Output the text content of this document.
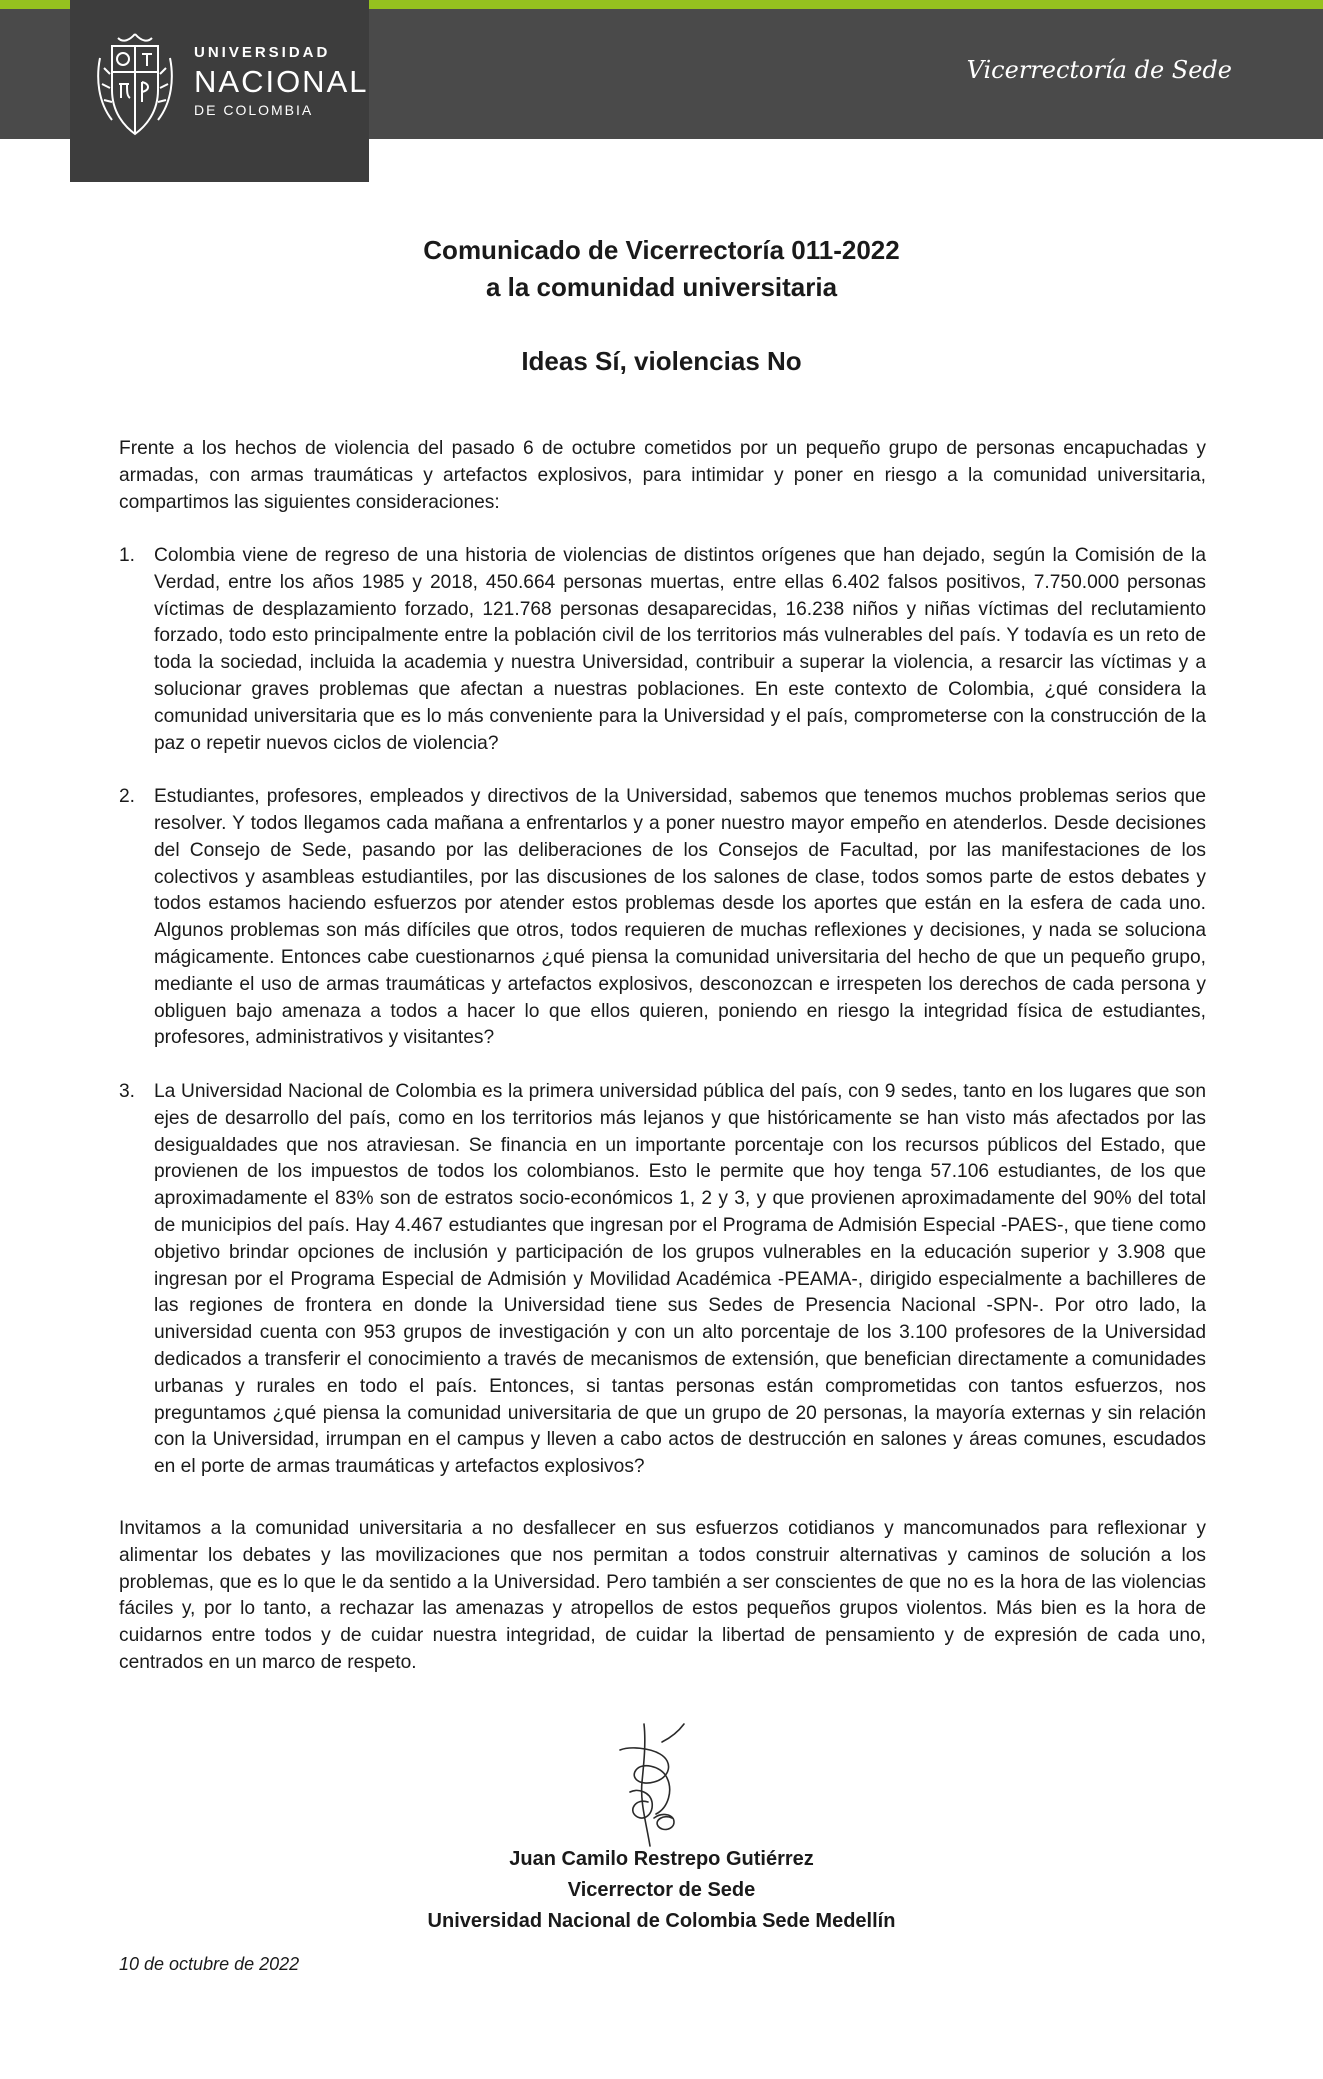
UNIVERSIDAD
NACIONAL
DE COLOMBIA
Vicerrectoría de Sede
Comunicado de Vicerrectoría 011-2022
a la comunidad universitaria
Ideas Sí, violencias No

Frente a los hechos de violencia del pasado 6 de octubre cometidos por un pequeño grupo de personas encapuchadas y armadas, con armas traumáticas y artefactos explosivos, para intimidar y poner en riesgo a la comunidad universitaria, compartimos las siguientes consideraciones:

1. Colombia viene de regreso de una historia de violencias de distintos orígenes que han dejado, según la Comisión de la Verdad, entre los años 1985 y 2018, 450.664 personas muertas, entre ellas 6.402 falsos positivos, 7.750.000 personas víctimas de desplazamiento forzado, 121.768 personas desaparecidas, 16.238 niños y niñas víctimas del reclutamiento forzado, todo esto principalmente entre la población civil de los territorios más vulnerables del país. Y todavía es un reto de toda la sociedad, incluida la academia y nuestra Universidad, contribuir a superar la violencia, a resarcir las víctimas y a solucionar graves problemas que afectan a nuestras poblaciones. En este contexto de Colombia, ¿qué considera la comunidad universitaria que es lo más conveniente para la Universidad y el país, comprometerse con la construcción de la paz o repetir nuevos ciclos de violencia?
2. Estudiantes, profesores, empleados y directivos de la Universidad, sabemos que tenemos muchos problemas serios que resolver. Y todos llegamos cada mañana a enfrentarlos y a poner nuestro mayor empeño en atenderlos. Desde decisiones del Consejo de Sede, pasando por las deliberaciones de los Consejos de Facultad, por las manifestaciones de los colectivos y asambleas estudiantiles, por las discusiones de los salones de clase, todos somos parte de estos debates y todos estamos haciendo esfuerzos por atender estos problemas desde los aportes que están en la esfera de cada uno. Algunos problemas son más difíciles que otros, todos requieren de muchas reflexiones y decisiones, y nada se soluciona mágicamente. Entonces cabe cuestionarnos ¿qué piensa la comunidad universitaria del hecho de que un pequeño grupo, mediante el uso de armas traumáticas y artefactos explosivos, desconozcan e irrespeten los derechos de cada persona y obliguen bajo amenaza a todos a hacer lo que ellos quieren, poniendo en riesgo la integridad física de estudiantes, profesores, administrativos y visitantes?
3. La Universidad Nacional de Colombia es la primera universidad pública del país, con 9 sedes, tanto en los lugares que son ejes de desarrollo del país, como en los territorios más lejanos y que históricamente se han visto más afectados por las desigualdades que nos atraviesan. Se financia en un importante porcentaje con los recursos públicos del Estado, que provienen de los impuestos de todos los colombianos. Esto le permite que hoy tenga 57.106 estudiantes, de los que aproximadamente el 83% son de estratos socio-económicos 1, 2 y 3, y que provienen aproximadamente del 90% del total de municipios del país. Hay 4.467 estudiantes que ingresan por el Programa de Admisión Especial -PAES-, que tiene como objetivo brindar opciones de inclusión y participación de los grupos vulnerables en la educación superior y 3.908 que ingresan por el Programa Especial de Admisión y Movilidad Académica -PEAMA-, dirigido especialmente a bachilleres de las regiones de frontera en donde la Universidad tiene sus Sedes de Presencia Nacional -SPN-. Por otro lado, la universidad cuenta con 953 grupos de investigación y con un alto porcentaje de los 3.100 profesores de la Universidad dedicados a transferir el conocimiento a través de mecanismos de extensión, que benefician directamente a comunidades urbanas y rurales en todo el país. Entonces, si tantas personas están comprometidas con tantos esfuerzos, nos preguntamos ¿qué piensa la comunidad universitaria de que un grupo de 20 personas, la mayoría externas y sin relación con la Universidad, irrumpan en el campus y lleven a cabo actos de destrucción en salones y áreas comunes, escudados en el porte de armas traumáticas y artefactos explosivos?

Invitamos a la comunidad universitaria a no desfallecer en sus esfuerzos cotidianos y mancomunados para reflexionar y alimentar los debates y las movilizaciones que nos permitan a todos construir alternativas y caminos de solución a los problemas, que es lo que le da sentido a la Universidad. Pero también a ser conscientes de que no es la hora de las violencias fáciles y, por lo tanto, a rechazar las amenazas y atropellos de estos pequeños grupos violentos. Más bien es la hora de cuidarnos entre todos y de cuidar nuestra integridad, de cuidar la libertad de pensamiento y de expresión de cada uno, centrados en un marco de respeto.

Juan Camilo Restrepo Gutiérrez
Vicerrector de Sede
Universidad Nacional de Colombia Sede Medellín
10 de octubre de 2022
